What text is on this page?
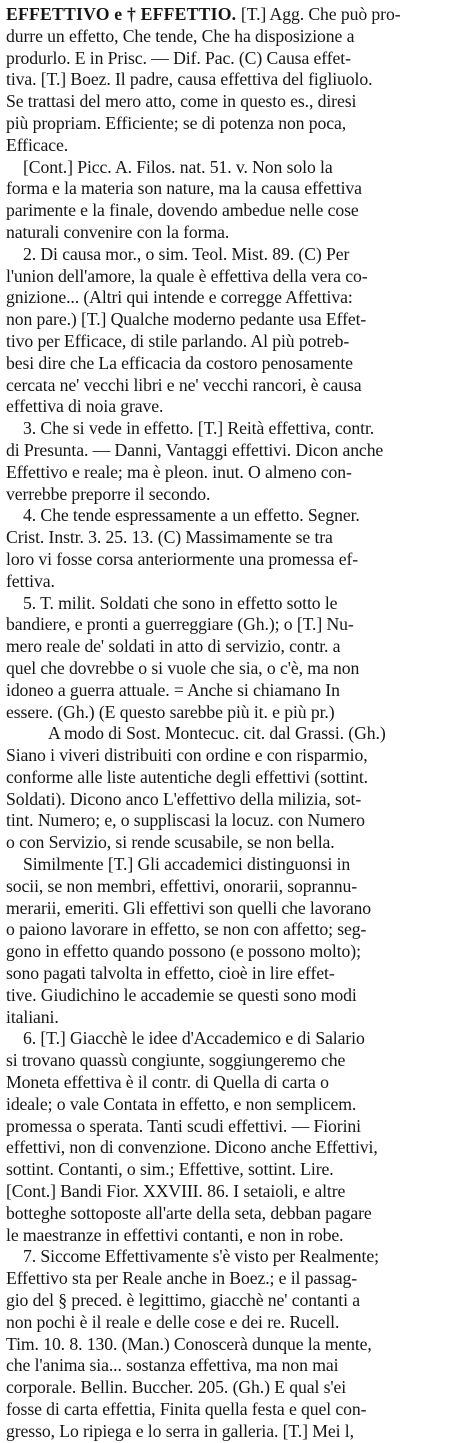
EFFETTIVO e † EFFETTIO. [T.] Agg. Che può pro-
durre un effetto, Che tende, Che ha disposizione a
produrlo. E in Prisc. — Dif. Pac. (C) Causa effet-
tiva. [T.] Boez. Il padre, causa effettiva del figliuolo.
Se trattasi del mero atto, come in questo es., diresi
più propriam. Efficiente; se di potenza non poca,
Efficace.

[Cont.] Picc. A. Filos. nat. 51. v. Non solo la
forma e la materia son nature, ma la causa effettiva
parimente e la finale, dovendo ambedue nelle cose
naturali convenire con la forma.

2. Di causa mor., o sim. Teol. Mist. 89. (C) Per
l'union dell'amore, la quale è effettiva della vera co-
gnizione... (Altri qui intende e corregge Affettiva:
non pare.) [T.] Qualche moderno pedante usa Effet-
tivo per Efficace, di stile parlando. Al più potreb-
besi dire che La efficacia da costoro penosamente
cercata ne' vecchi libri e ne' vecchi rancori, è causa
effettiva di noia grave.

3. Che si vede in effetto. [T.] Reità effettiva, contr.
di Presunta. — Danni, Vantaggi effettivi. Dicon anche
Effettivo e reale; ma è pleon. inut. O almeno con-
verrebbe preporre il secondo.

4. Che tende espressamente a un effetto. Segner.
Crist. Instr. 3. 25. 13. (C) Massimamente se tra
loro vi fosse corsa anteriormente una promessa ef-
fettiva.

5. T. milit. Soldati che sono in effetto sotto le
bandiere, e pronti a guerreggiare (Gh.); o [T.] Nu-
mero reale de' soldati in atto di servizio, contr. a
quel che dovrebbe o si vuole che sia, o c'è, ma non
idoneo a guerra attuale. = Anche si chiamano In
essere. (Gh.) (E questo sarebbe più it. e più pr.)

A modo di Sost. Montecuc. cit. dal Grassi. (Gh.)
Siano i viveri distribuiti con ordine e con risparmio,
conforme alle liste autentiche degli effettivi (sottint.
Soldati). Dicono anco L'effettivo della milizia, sot-
tint. Numero; e, o suppliscasi la locuz. con Numero
o con Servizio, si rende scusabile, se non bella.

Similmente [T.] Gli accademici distinguonsi in
socii, se non membri, effettivi, onorarii, soprannu-
merarii, emeriti. Gli effettivi son quelli che lavorano
o paiono lavorare in effetto, se non con affetto; seg-
gono in effetto quando possono (e possono molto);
sono pagati talvolta in effetto, cioè in lire effet-
tive. Giudichino le accademie se questi sono modi
italiani.

6. [T.] Giacchè le idee d'Accademico e di Salario
si trovano quassù congiunte, soggiungeremo che
Moneta effettiva è il contr. di Quella di carta o
ideale; o vale Contata in effetto, e non semplicem.
promessa o sperata. Tanti scudi effettivi. — Fiorini
effettivi, non di convenzione. Dicono anche Effettivi,
sottint. Contanti, o sim.; Effettive, sottint. Lire.
[Cont.] Bandi Fior. XXVIII. 86. I setaioli, e altre
botteghe sottoposte all'arte della seta, debban pagare
le maestranze in effettivi contanti, e non in robe.

7. Siccome Effettivamente s'è visto per Realmente;
Effettivo sta per Reale anche in Boez.; e il passag-
gio del § preced. è legittimo, giacchè ne' contanti a
non pochi è il reale e delle cose e dei re. Rucell.
Tim. 10. 8. 130. (Man.) Conoscerà dunque la mente,
che l'anima sia... sostanza effettiva, ma non mai
corporale. Bellin. Buccher. 205. (Gh.) E qual s'ei
fosse di carta effettia, Finita quella festa e quel con-
gresso, Lo ripiega e lo serra in galleria. [T.] Mei l,
